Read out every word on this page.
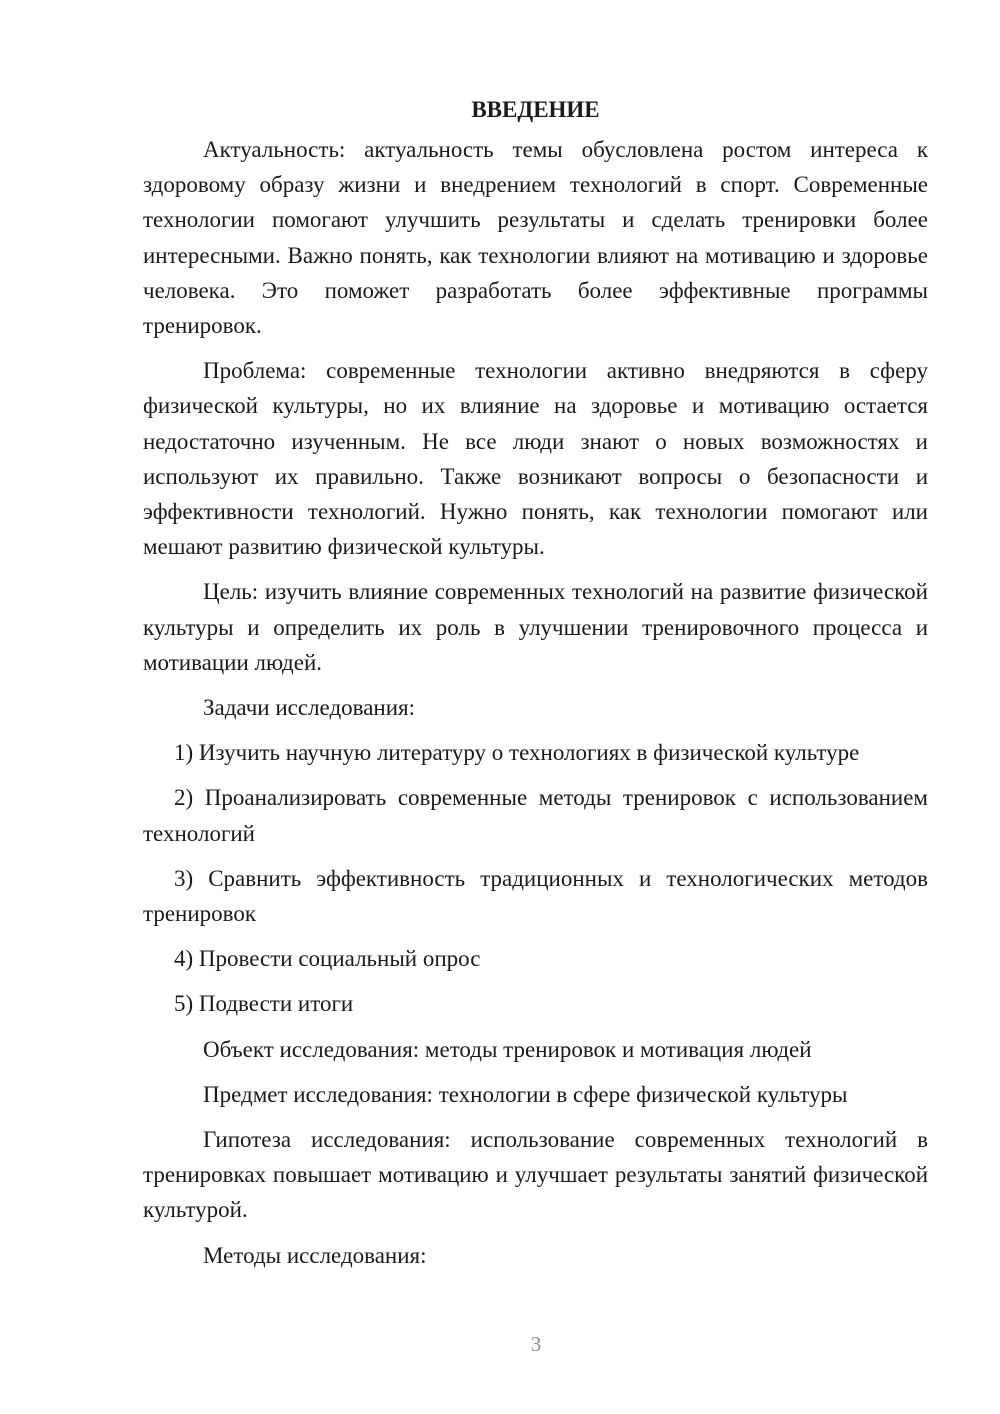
ВВЕДЕНИЕ

Актуальность: актуальность темы обусловлена ростом интереса к здоровому образу жизни и внедрением технологий в спорт. Современные технологии помогают улучшить результаты и сделать тренировки более интересными. Важно понять, как технологии влияют на мотивацию и здоровье человека. Это поможет разработать более эффективные программы тренировок.

Проблема: современные технологии активно внедряются в сферу физической культуры, но их влияние на здоровье и мотивацию остается недостаточно изученным. Не все люди знают о новых возможностях и используют их правильно. Также возникают вопросы о безопасности и эффективности технологий. Нужно понять, как технологии помогают или мешают развитию физической культуры.

Цель: изучить влияние современных технологий на развитие физической культуры и определить их роль в улучшении тренировочного процесса и мотивации людей.

Задачи исследования:

1) Изучить научную литературу о технологиях в физической культуре

2) Проанализировать современные методы тренировок с использованием технологий

3) Сравнить эффективность традиционных и технологических методов тренировок

4) Провести социальный опрос

5) Подвести итоги

Объект исследования: методы тренировок и мотивация людей

Предмет исследования: технологии в сфере физической культуры

Гипотеза исследования: использование современных технологий в тренировках повышает мотивацию и улучшает результаты занятий физической культурой.

Методы исследования:

3
